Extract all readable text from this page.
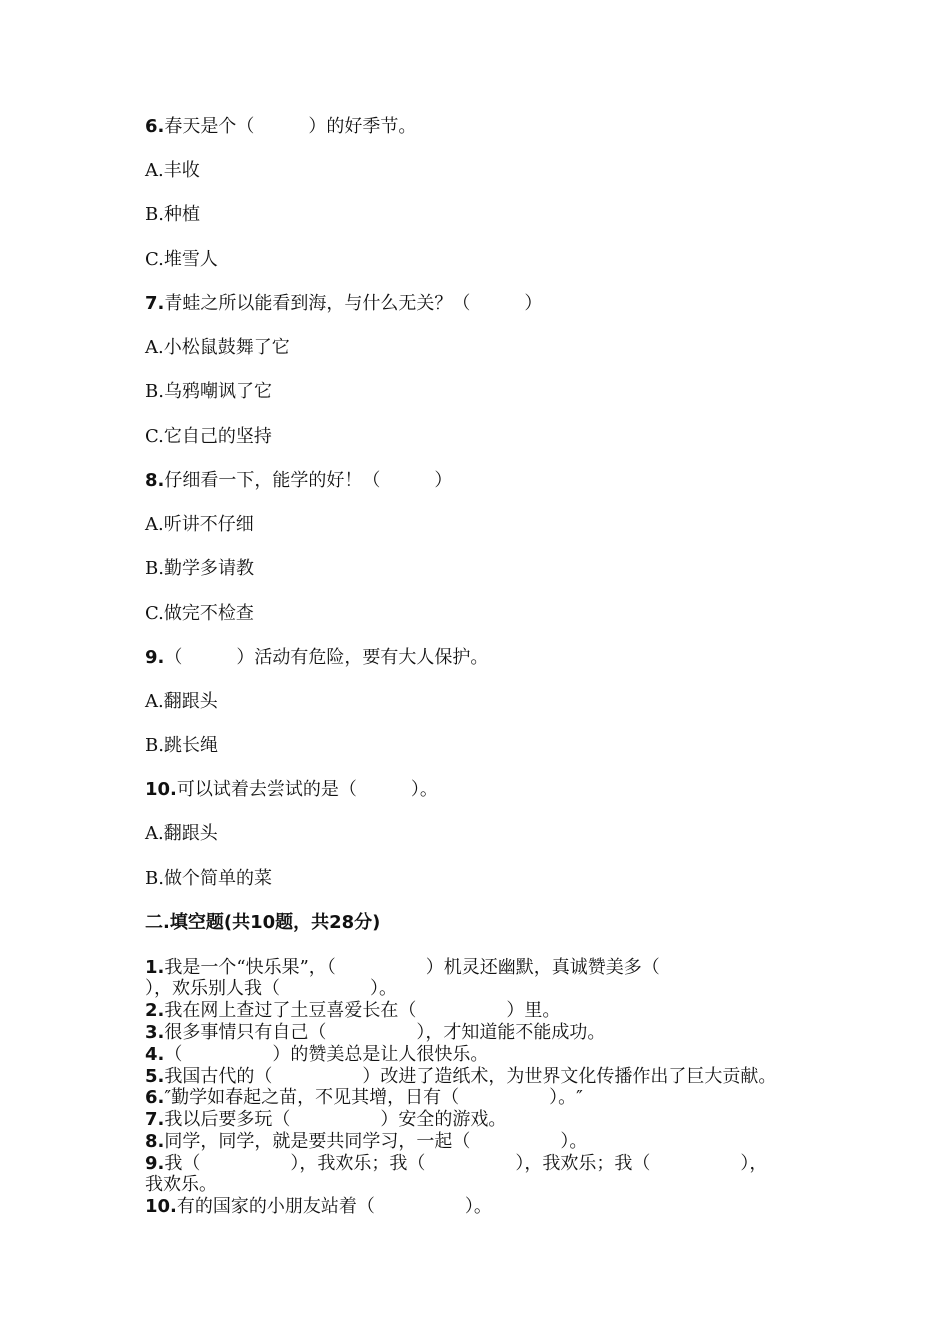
6.春天是个（　　　）的好季节。
A.丰收
B.种植
C.堆雪人
7.青蛙之所以能看到海，与什么无关？（　　　）
A.小松鼠鼓舞了它
B.乌鸦嘲讽了它
C.它自己的坚持
8.仔细看一下，能学的好！（　　　）
A.听讲不仔细
B.勤学多请教
C.做完不检查
9.（　　　）活动有危险，要有大人保护。
A.翻跟头
B.跳长绳
10.可以试着去尝试的是（　　　）。
A.翻跟头
B.做个简单的菜
二.填空题(共10题，共28分)
1.我是一个“快乐果”，（　　　　　）机灵还幽默，真诚赞美多（
），欢乐别人我（　　　　　）。
2.我在网上查过了土豆喜爱长在（　　　　　）里。
3.很多事情只有自己（　　　　　），才知道能不能成功。
4.（　　　　　）的赞美总是让人很快乐。
5.我国古代的（　　　　　）改进了造纸术，为世界文化传播作出了巨大贡献。
6.″勤学如春起之苗，不见其增，日有（　　　　　）。″
7.我以后要多玩（　　　　　）安全的游戏。
8.同学，同学，就是要共同学习，一起（　　　　　）。
9.我（　　　　　），我欢乐；我（　　　　　），我欢乐；我（　　　　　），
我欢乐。
10.有的国家的小朋友站着（　　　　　）。
